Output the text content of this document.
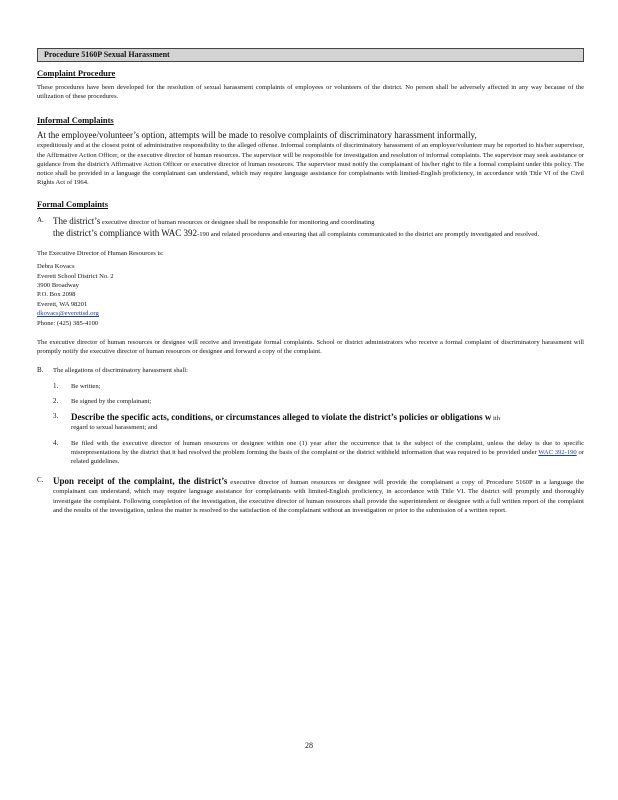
Procedure 5160P Sexual Harassment
Complaint Procedure
These procedures have been developed for the resolution of sexual harassment complaints of employees or volunteers of the district. No person shall be adversely affected in any way because of the utilization of these procedures.
Informal Complaints
At the employee/volunteer’s option, attempts will be made to resolve complaints of discriminatory harassment informally,
expeditiously and at the closest point of administrative responsibility to the alleged offense. Informal complaints of discriminatory harassment of an employee/volunteer may be reported to his/her supervisor, the Affirmative Action Officer, or the executive director of human resources. The supervisor will be responsible for investigation and resolution of informal complaints. The supervisor may seek assistance or guidance from the district's Affirmative Action Officer or executive director of human resources. The supervisor must notify the complainant of his/her right to file a formal complaint under this policy. The notice shall be provided in a language the complainant can understand, which may require language assistance for complainants with limited-English proficiency, in accordance with Title VI of the Civil Rights Act of 1964.
Formal Complaints
A.	The district’s executive director of human resources or designee shall be responsible for monitoring and coordinating
the district’s compliance with WAC 392-190 and related procedures and ensuring that all complaints communicated to the district are promptly investigated and resolved.
The Executive Director of Human Resources is:
Debra Kovacs
Everett School District No. 2
3900 Broadway
P.O. Box 2098
Everett, WA 98201
dkovacs@everettsd.org
Phone: (425) 385-4100
The executive director of human resources or designee will receive and investigate formal complaints. School or district administrators who receive a formal complaint of discriminatory harassment will promptly notify the executive director of human resources or designee and forward a copy of the complaint.
B.	The allegations of discriminatory harassment shall:
1.	Be written;
2.	Be signed by the complainant;
3.	Describe the specific acts, conditions, or circumstances alleged to violate the district’s policies or obligations w ith
regard to sexual harassment; and
4.	Be filed with the executive director of human resources or designee within one (1) year after the occurrence that is the subject of the complaint, unless the delay is due to specific misrepresentations by the district that it had resolved the problem forming the basis of the complaint or the district withheld information that was required to be provided under WAC 392-190 or related guidelines.
C.	Upon receipt of the complaint, the district’s executive director of human resources or designee will provide the complainant a copy of Procedure 5160P in a language the complainant can understand, which may require language assistance for complainants with limited-English proficiency, in accordance with Title VI. The district will promptly and thoroughly investigate the complaint. Following completion of the investigation, the executive director of human resources shall provide the superintendent or designee with a full written report of the complaint and the results of the investigation, unless the matter is resolved to the satisfaction of the complainant without an investigation or prior to the submission of a written report.
28
